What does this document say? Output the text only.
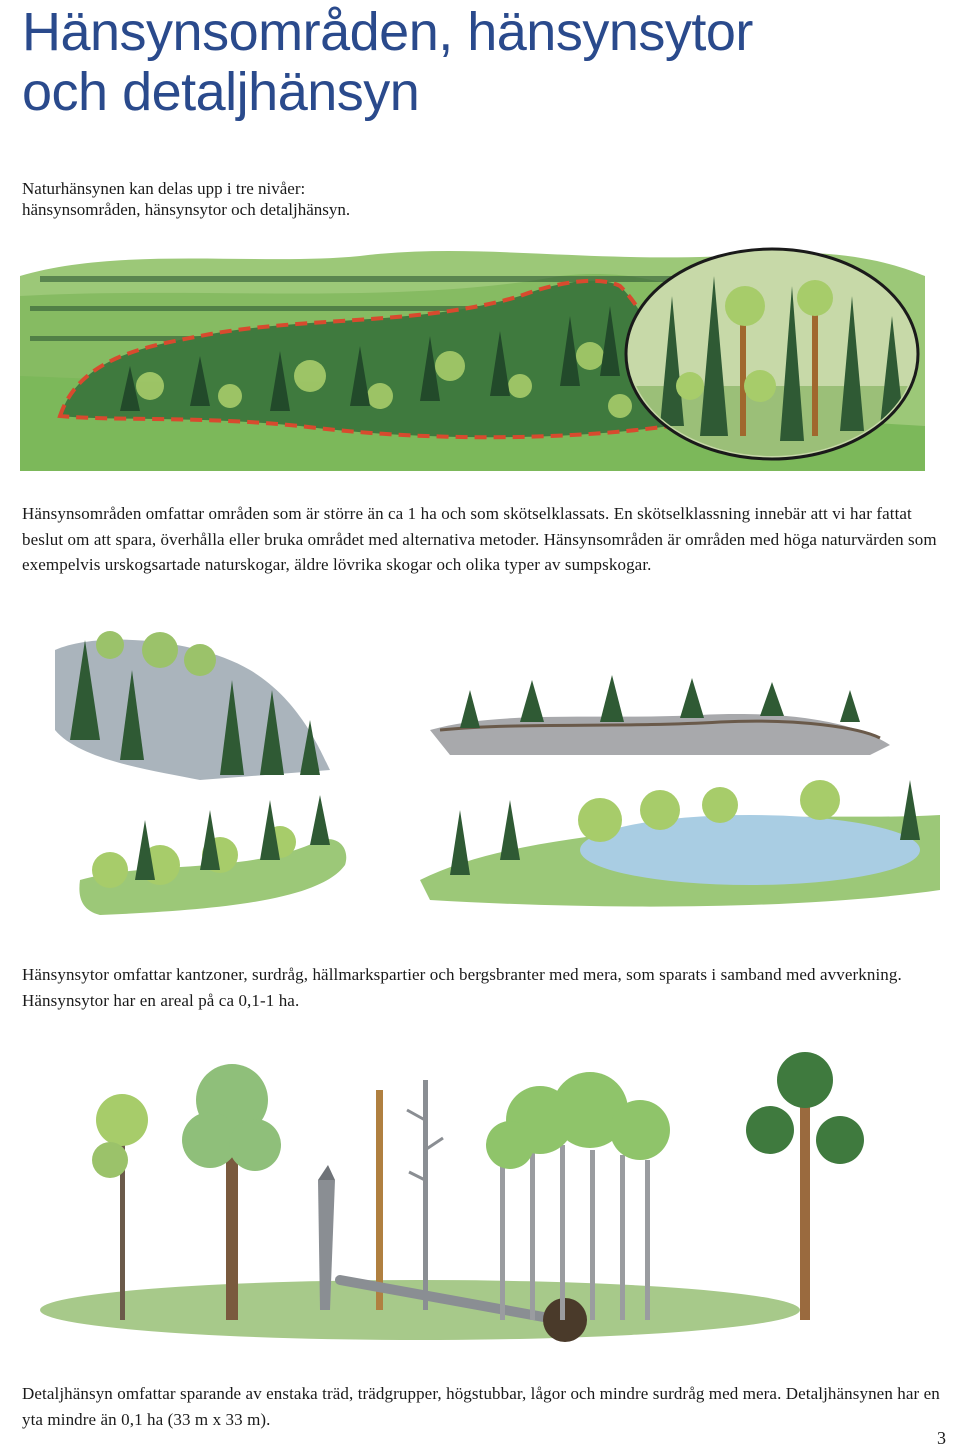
Hänsynsområden, hänsynsytor
och detaljhänsyn
Naturhänsynen kan delas upp i tre nivåer:
hänsynsområden, hänsynsytor och detaljhänsyn.

Hänsynsområden omfattar områden som är större än ca 1 ha och som skötselklassats. En skötselklassning innebär att vi har fattat beslut om att spara, överhålla eller bruka området med alternativa metoder. Hänsynsområden är områden med höga naturvärden som exempelvis urskogsartade naturskogar, äldre lövrika skogar och olika typer av sumpskogar.

Hänsynsytor omfattar kantzoner, surdråg, hällmarkspartier och bergsbranter med mera, som sparats i samband med avverkning. Hänsynsytor har en areal på ca 0,1-1 ha.

Detaljhänsyn omfattar sparande av enstaka träd, trädgrupper, högstubbar, lågor och mindre surdråg med mera. Detaljhänsynen har en yta mindre än 0,1 ha (33 m x 33 m).

3
